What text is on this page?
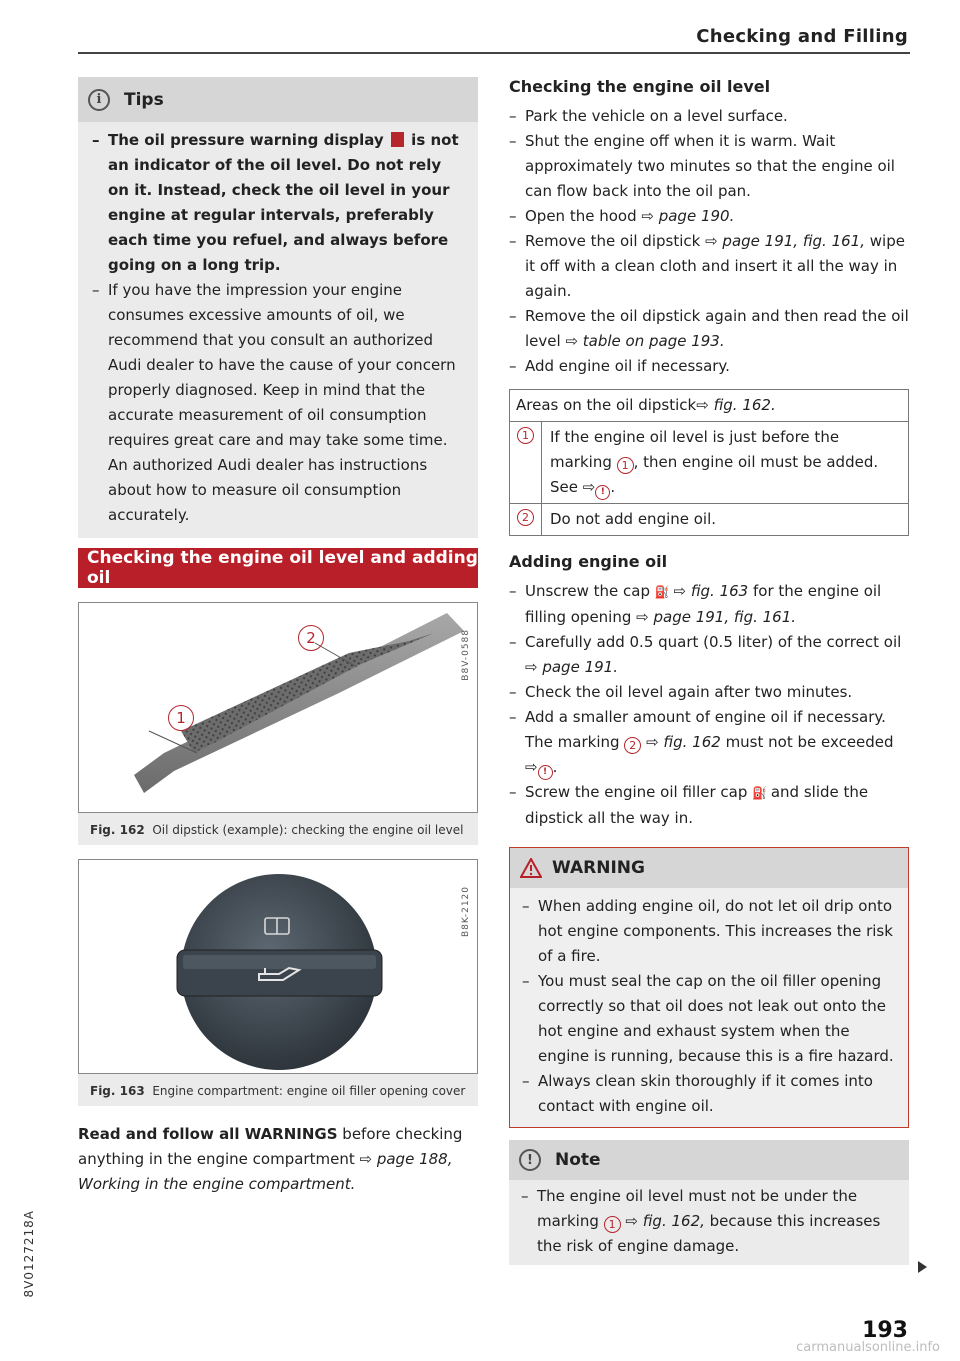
Checking and Filling
i	Tips
– The oil pressure warning display  is not an indicator of the oil level. Do not rely on it. Instead, check the oil level in your engine at regular intervals, preferably each time you refuel, and always before going on a long trip.
– If you have the impression your engine consumes excessive amounts of oil, we recommend that you consult an authorized Audi dealer to have the cause of your concern properly diagnosed. Keep in mind that the accurate measurement of oil consumption requires great care and may take some time. An authorized Audi dealer has instructions about how to measure oil consumption accurately.
Checking the engine oil level and adding oil
2
1
B8V-0588
Fig. 162 Oil dipstick (example): checking the engine oil level
B8K-2120
Fig. 163 Engine compartment: engine oil filler opening cover
Read and follow all WARNINGS before checking anything in the engine compartment ⇨ page 188, Working in the engine compartment.
Checking the engine oil level
– Park the vehicle on a level surface.
– Shut the engine off when it is warm. Wait approximately two minutes so that the engine oil can flow back into the oil pan.
– Open the hood ⇨ page 190.
– Remove the oil dipstick ⇨ page 191, fig. 161, wipe it off with a clean cloth and insert it all the way in again.
– Remove the oil dipstick again and then read the oil level ⇨ table on page 193.
– Add engine oil if necessary.
Areas on the oil dipstick ⇨ fig. 162.
1	If the engine oil level is just before the marking 1 , then engine oil must be added. See ⇨ ! .
2	Do not add engine oil.
Adding engine oil
– Unscrew the cap ⛽ ⇨ fig. 163 for the engine oil filling opening ⇨ page 191, fig. 161.
– Carefully add 0.5 quart (0.5 liter) of the correct oil ⇨ page 191.
– Check the oil level again after two minutes.
– Add a smaller amount of engine oil if necessary. The marking 2 ⇨ fig. 162 must not be exceeded ⇨ ! .
– Screw the engine oil filler cap ⛽ and slide the dipstick all the way in.
WARNING
– When adding engine oil, do not let oil drip onto hot engine components. This increases the risk of a fire.
– You must seal the cap on the oil filler opening correctly so that oil does not leak out onto the hot engine and exhaust system when the engine is running, because this is a fire hazard.
– Always clean skin thoroughly if it comes into contact with engine oil.
!	Note
– The engine oil level must not be under the marking 1 ⇨ fig. 162, because this increases the risk of engine damage.
193
8V0127218A
carmanualsonline.info
